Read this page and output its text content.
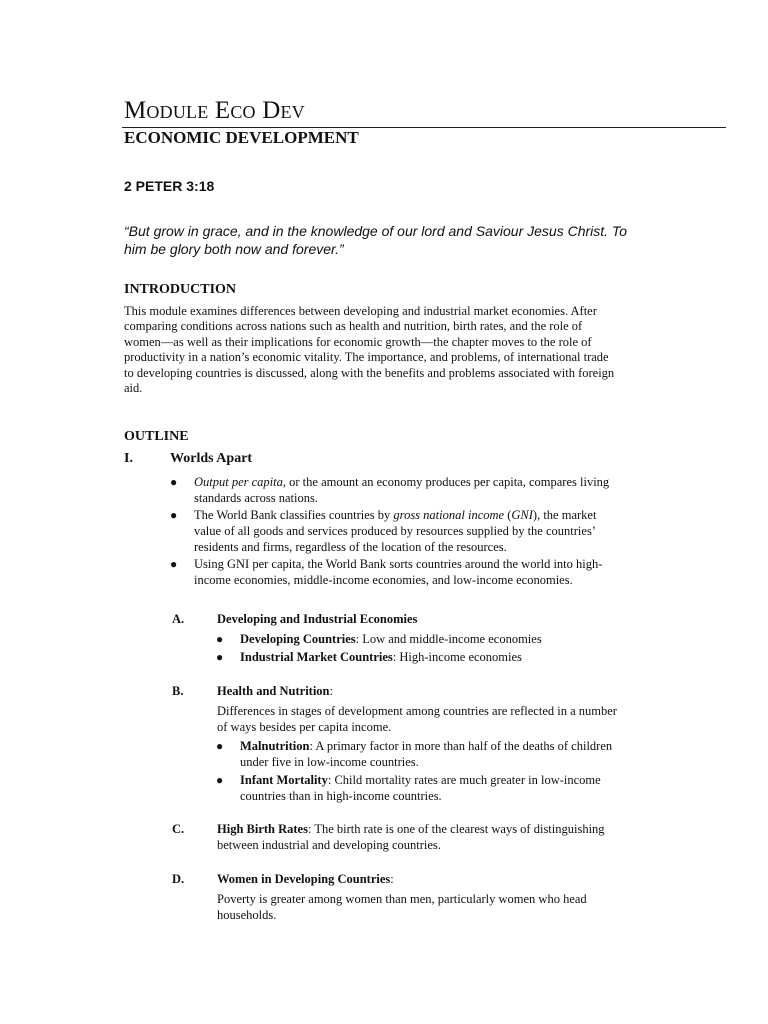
Module Eco Dev
ECONOMIC DEVELOPMENT
2 PETER 3:18
“But grow in grace, and in the knowledge of our lord and Saviour Jesus Christ. To
him be glory both now and forever.”
INTRODUCTION
This module examines differences between developing and industrial market economies. After
comparing conditions across nations such as health and nutrition, birth rates, and the role of
women—as well as their implications for economic growth—the chapter moves to the role of
productivity in a nation’s economic vitality. The importance, and problems, of international trade
to developing countries is discussed, along with the benefits and problems associated with foreign
aid.
OUTLINE
I.	Worlds Apart
● Output per capita, or the amount an economy produces per capita, compares living
standards across nations.
● The World Bank classifies countries by gross national income (GNI), the market
value of all goods and services produced by resources supplied by the countries’
residents and firms, regardless of the location of the resources.
● Using GNI per capita, the World Bank sorts countries around the world into high-
income economies, middle-income economies, and low-income economies.
A.	Developing and Industrial Economies
● Developing Countries: Low and middle-income economies
● Industrial Market Countries: High-income economies
B.	Health and Nutrition:
Differences in stages of development among countries are reflected in a number
of ways besides per capita income.
● Malnutrition: A primary factor in more than half of the deaths of children
under five in low-income countries.
● Infant Mortality: Child mortality rates are much greater in low-income
countries than in high-income countries.
C.	High Birth Rates: The birth rate is one of the clearest ways of distinguishing
between industrial and developing countries.
D.	Women in Developing Countries:
Poverty is greater among women than men, particularly women who head
households.
